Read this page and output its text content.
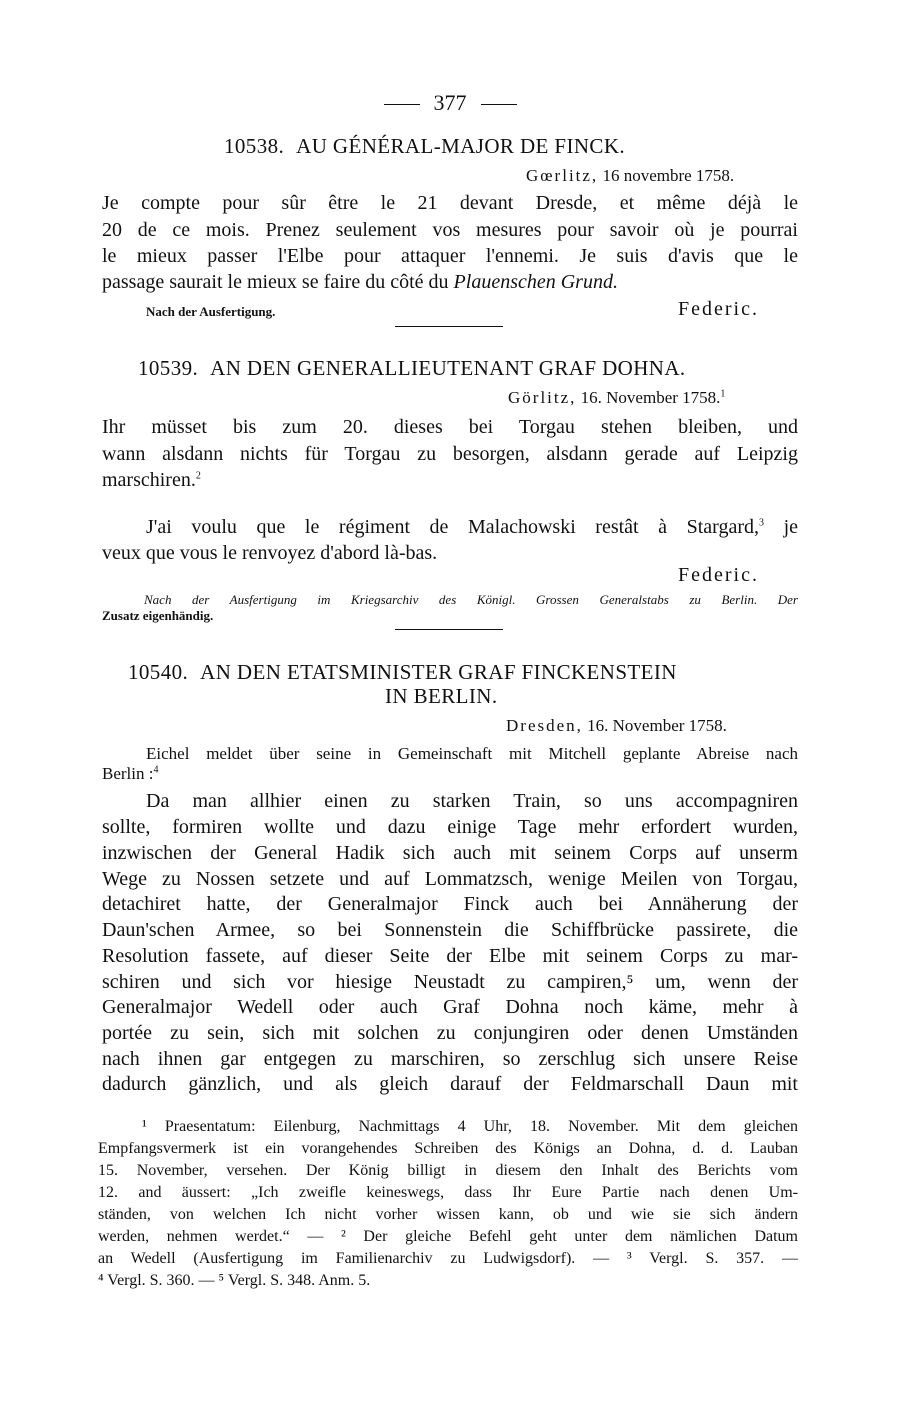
377
10538. AU GÉNÉRAL-MAJOR DE FINCK.
Gœrlitz, 16 novembre 1758.
Je compte pour sûr être le 21 devant Dresde, et même déjà le
20 de ce mois. Prenez seulement vos mesures pour savoir où je pourrai
le mieux passer l'Elbe pour attaquer l'ennemi. Je suis d'avis que le
passage saurait le mieux se faire du côté du Plauenschen Grund.
Nach der Ausfertigung.	Federic.
10539. AN DEN GENERALLIEUTENANT GRAF DOHNA.
Görlitz, 16. November 1758.$^1$
Ihr müsset bis zum 20. dieses bei Torgau stehen bleiben, und
wann alsdann nichts für Torgau zu besorgen, alsdann gerade auf Leipzig
marschiren.$^2$
J'ai voulu que le régiment de Malachowski restât à Stargard,$^3$ je
veux que vous le renvoyez d'abord là-bas.
Federic.
Nach der Ausfertigung im Kriegsarchiv des Königl. Grossen Generalstabs zu Berlin. Der
Zusatz eigenhändig.
10540. AN DEN ETATSMINISTER GRAF FINCKENSTEIN
IN BERLIN.
Dresden, 16. November 1758.
Eichel meldet über seine in Gemeinschaft mit Mitchell geplante Abreise nach
Berlin :$^4$
Da man allhier einen zu starken Train, so uns accompagniren
sollte, formiren wollte und dazu einige Tage mehr erfordert wurden,
inzwischen der General Hadik sich auch mit seinem Corps auf unserm
Wege zu Nossen setzete und auf Lommatzsch, wenige Meilen von Torgau,
detachiret hatte, der Generalmajor Finck auch bei Annäherung der
Daun'schen Armee, so bei Sonnenstein die Schiffbrücke passirete, die
Resolution fassete, auf dieser Seite der Elbe mit seinem Corps zu mar-
schiren und sich vor hiesige Neustadt zu campiren,⁵ um, wenn der
Generalmajor Wedell oder auch Graf Dohna noch käme, mehr à
portée zu sein, sich mit solchen zu conjungiren oder denen Umständen
nach ihnen gar entgegen zu marschiren, so zerschlug sich unsere Reise
dadurch gänzlich, und als gleich darauf der Feldmarschall Daun mit
¹ Praesentatum: Eilenburg, Nachmittags 4 Uhr, 18. November. Mit dem gleichen
Empfangsvermerk ist ein vorangehendes Schreiben des Königs an Dohna, d. d. Lauban
15. November, versehen. Der König billigt in diesem den Inhalt des Berichts vom
12. and äussert: „Ich zweifle keineswegs, dass Ihr Eure Partie nach denen Um-
ständen, von welchen Ich nicht vorher wissen kann, ob und wie sie sich ändern
werden, nehmen werdet.“ — ² Der gleiche Befehl geht unter dem nämlichen Datum
an Wedell (Ausfertigung im Familienarchiv zu Ludwigsdorf). — ³ Vergl. S. 357. —
⁴ Vergl. S. 360. — ⁵ Vergl. S. 348. Anm. 5.
